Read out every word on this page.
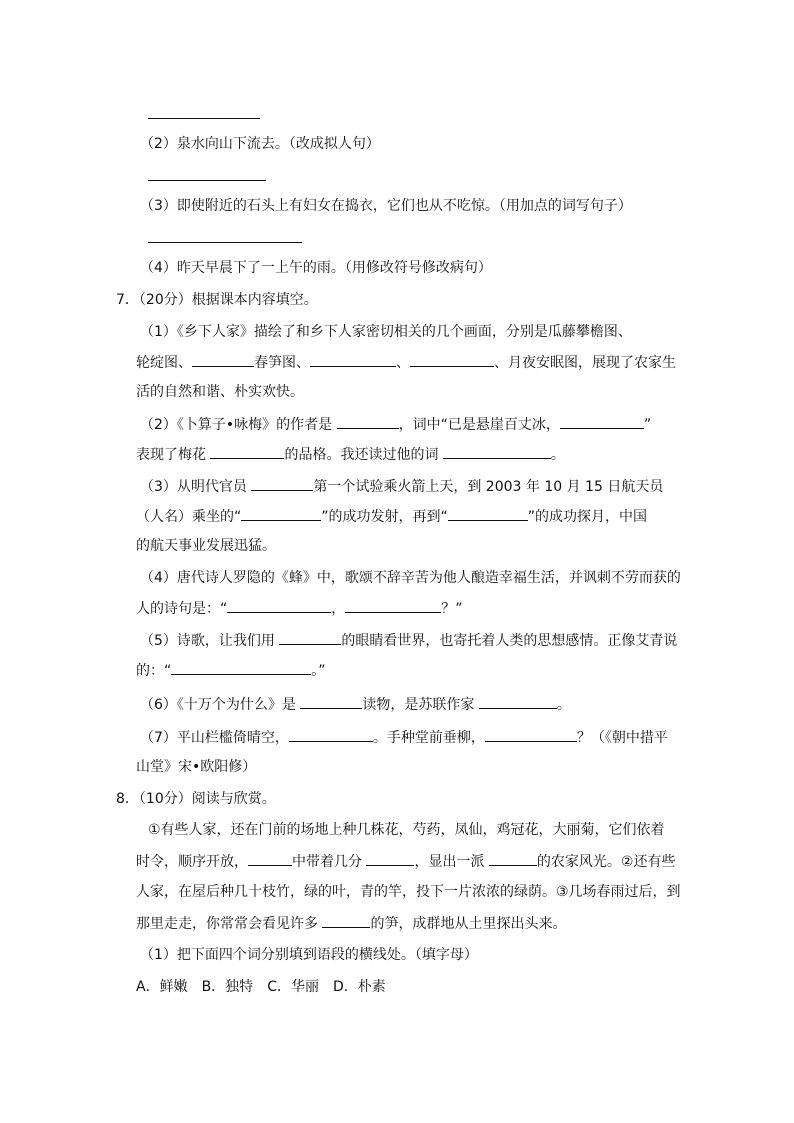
（2）泉水向山下流去。（改成拟人句）
（3）即使附近的石头上有妇女在捣衣，它们也从不吃惊。（用加点的词写句子）
（4）昨天早晨下了一上午的雨。（用修改符号修改病句）
7．（20分）根据课本内容填空。
（1）《乡下人家》描绘了和乡下人家密切相关的几个画面，分别是瓜藤攀檐图、
轮绽图、	春笋图、	、	、月夜安眠图，展现了农家生
活的自然和谐、朴实欢快。
（2）《卜算子•咏梅》的作者是	，词中“已是悬崖百丈冰，	”
表现了梅花	的品格。我还读过他的词	。
（3）从明代官员	第一个试验乘火箭上天，到 2003 年 10 月 15 日航天员
（人名）乘坐的“	”的成功发射，再到“	”的成功探月，中国
的航天事业发展迅猛。
（4）唐代诗人罗隐的《蜂》中，歌颂不辞辛苦为他人酿造幸福生活，并讽刺不劳而获的
人的诗句是：“	，	？”
（5）诗歌，让我们用	的眼睛看世界，也寄托着人类的思想感情。正像艾青说
的：“	。”
（6）《十万个为什么》是	读物，是苏联作家	。
（7）平山栏槛倚晴空，	。手种堂前垂柳，	？（《朝中措平
山堂》宋•欧阳修）
8．（10分）阅读与欣赏。
①有些人家，还在门前的场地上种几株花，芍药，凤仙，鸡冠花，大丽菊，它们依着
时令，顺序开放，	中带着几分	，显出一派	的农家风光。②还有些
人家，在屋后种几十枝竹，绿的叶，青的竿，投下一片浓浓的绿荫。③几场春雨过后，到
那里走走，你常常会看见许多	的笋，成群地从土里探出头来。
（1）把下面四个词分别填到语段的横线处。（填字母）
A．鲜嫩 B．独特 C．华丽 D．朴素
